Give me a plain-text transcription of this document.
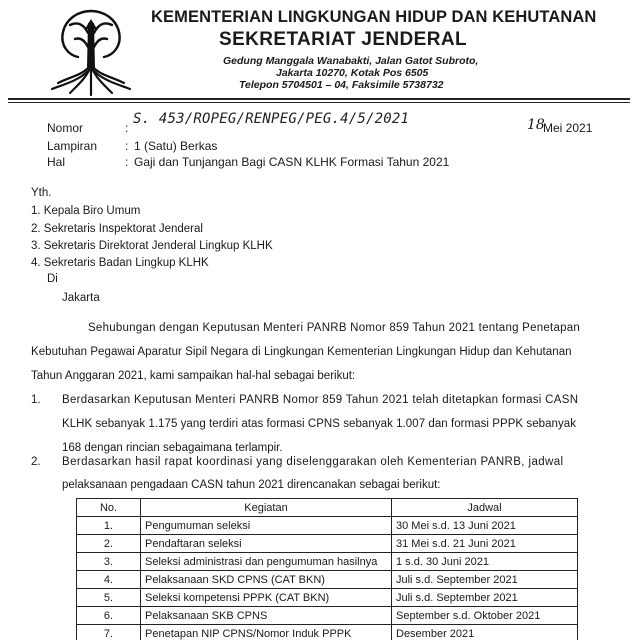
KEMENTERIAN LINGKUNGAN HIDUP DAN KEHUTANAN
SEKRETARIAT JENDERAL
Gedung Manggala Wanabakti, Jalan Gatot Subroto,
Jakarta 10270, Kotak Pos 6505
Telepon 5704501 – 04, Faksimile 5738732
Nomor	:
S. 453/ROPEG/RENPEG/PEG.4/5/2021	18
Mei 2021
Lampiran : 1 (Satu) Berkas
Hal	: Gaji dan Tunjangan Bagi CASN KLHK Formasi Tahun 2021
Yth.
1. Kepala Biro Umum
2. Sekretaris Inspektorat Jenderal
3. Sekretaris Direktorat Jenderal Lingkup KLHK
4. Sekretaris Badan Lingkup KLHK
Di
Jakarta
Sehubungan dengan Keputusan Menteri PANRB Nomor 859 Tahun 2021 tentang Penetapan
Kebutuhan Pegawai Aparatur Sipil Negara di Lingkungan Kementerian Lingkungan Hidup dan Kehutanan
Tahun Anggaran 2021, kami sampaikan hal-hal sebagai berikut:
1. Berdasarkan Keputusan Menteri PANRB Nomor 859 Tahun 2021 telah ditetapkan formasi CASN
KLHK sebanyak 1.175 yang terdiri atas formasi CPNS sebanyak 1.007 dan formasi PPPK sebanyak
168 dengan rincian sebagaimana terlampir.
2. Berdasarkan hasil rapat koordinasi yang diselenggarakan oleh Kementerian PANRB, jadwal
pelaksanaan pengadaan CASN tahun 2021 direncanakan sebagai berikut:
No.	Kegiatan	Jadwal
1.	Pengumuman seleksi	30 Mei s.d. 13 Juni 2021
2.	Pendaftaran seleksi	31 Mei s.d. 21 Juni 2021
3.	Seleksi administrasi dan pengumuman hasilnya	1 s.d. 30 Juni 2021
4.	Pelaksanaan SKD CPNS (CAT BKN)	Juli s.d. September 2021
5.	Seleksi kompetensi PPPK (CAT BKN)	Juli s.d. September 2021
6.	Pelaksanaan SKB CPNS	September s.d. Oktober 2021
7.	Penetapan NIP CPNS/Nomor Induk PPPK	Desember 2021
